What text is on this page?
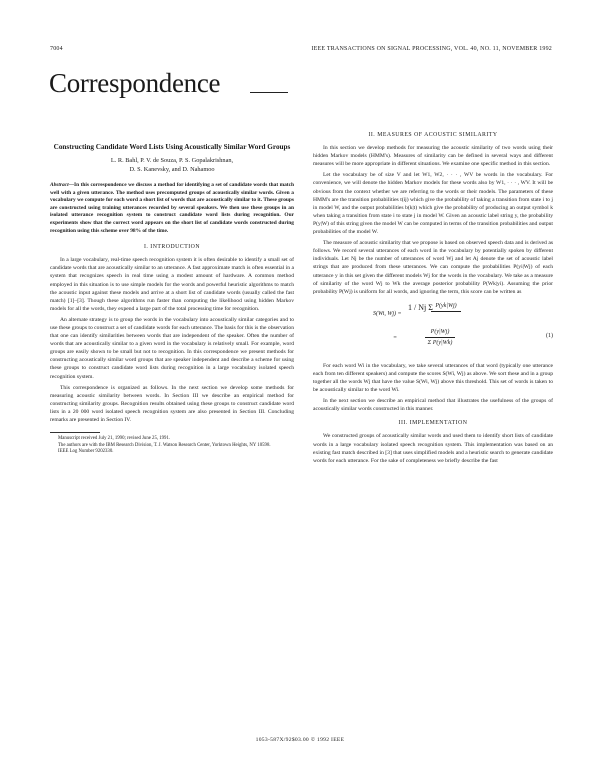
7004	IEEE TRANSACTIONS ON SIGNAL PROCESSING, VOL. 40, NO. 11, NOVEMBER 1992
Correspondence
Constructing Candidate Word Lists Using Acoustically Similar Word Groups
L. R. Bahl, P. V. de Souza, P. S. Gopalakrishnan,
D. S. Kanevsky, and D. Nahamoo
Abstract—In this correspondence we discuss a method for identifying a set of candidate words that match well with a given utterance. The method uses precomputed groups of acoustically similar words. Given a vocabulary we compute for each word a short list of words that are acoustically similar to it. These groups are constructed using training utterances recorded by several speakers. We then use these groups in an isolated utterance recognition system to construct candidate word lists during recognition. Our experiments show that the correct word appears on the short list of candidate words constructed during recognition using this scheme over 98% of the time.
I. INTRODUCTION

In a large vocabulary, real-time speech recognition system it is often desirable to identify a small set of candidate words that are acoustically similar to an utterance. A fast approximate match is often essential in a system that recognizes speech in real time using a modest amount of hardware. A common method employed in this situation is to use simple models for the words and powerful heuristic algorithms to match the acoustic input against these models and arrive at a short list of candidate words (usually called the fast match) [1]–[3]. Though these algorithms run faster than computing the likelihood using hidden Markov models for all the words, they expend a large part of the total processing time for recognition.

An alternate strategy is to group the words in the vocabulary into acoustically similar categories and to use these groups to construct a set of candidate words for each utterance. The basis for this is the observation that one can identify similarities between words that are independent of the speaker. Often the number of words that are acoustically similar to a given word in the vocabulary is relatively small. For example, word groups are easily shown to be small but not to recognition. In this correspondence we present methods for constructing acoustically similar word groups that are speaker independent and describe a scheme for using these groups to construct candidate word lists during recognition in a large vocabulary isolated speech recognition system.

This correspondence is organized as follows. In the next section we develop some methods for measuring acoustic similarity between words. In Section III we describe an empirical method for constructing similarity groups. Recognition results obtained using these groups to construct candidate word lists in a 20 000 word isolated speech recognition system are also presented in Section III. Concluding remarks are presented in Section IV.

Manuscript received July 21, 1990; revised June 25, 1991.

The authors are with the IBM Research Division, T. J. Watson Research Center, Yorktown Heights, NY 10598.

IEEE Log Number 9202330.

II. MEASURES OF ACOUSTIC SIMILARITY

In this section we develop methods for measuring the acoustic similarity of two words using their hidden Markov models (HMM's). Measures of similarity can be defined in several ways and different measures will be more appropriate in different situations. We examine one specific method in this section.

Let the vocabulary be of size V and let W1, W2, · · · , WV be words in the vocabulary. For convenience, we will denote the hidden Markov models for these words also by W1, · · · , WV. It will be obvious from the context whether we are referring to the words or their models. The parameters of these HMM's are the transition probabilities t(ij) which give the probability of taking a transition from state i to j in model W, and the output probabilities b(k|t) which give the probability of producing an output symbol k when taking a transition from state i to state j in model W. Given an acoustic label string y, the probability P(y|W) of this string given the model W can be computed in terms of the transition probabilities and output probabilities of the model W.

The measure of acoustic similarity that we propose is based on observed speech data and is derived as follows. We record several utterances of each word in the vocabulary by potentially spoken by different individuals. Let Nj be the number of utterances of word Wj and let Aj denote the set of acoustic label strings that are produced from these utterances. We can compute the probabilities P(yi|Wj) of each utterance y in this set given the different models Wj for the words in the vocabulary. We take as a measure of similarity of the word Wj to Wk the average posterior probability P(Wk|yi). Assuming the prior probability P(Wj) is uniform for all words, and ignoring the term, this score can be written as

S(Wi, Wj) =
1 / Nj Σ P(yk|Wj)
=
P(y|Wj)
Σ P(y|Wk)
(1)

For each word Wi in the vocabulary, we take several utterances of that word (typically one utterance each from ten different speakers) and compute the scores S(Wi, Wj) as above. We sort these and in a group together all the words Wj that have the value S(Wi, Wj) above this threshold. This set of words is taken to be acoustically similar to the word Wi.

In the next section we describe an empirical method that illustrates the usefulness of the groups of acoustically similar words constructed in this manner.

III. IMPLEMENTATION

We constructed groups of acoustically similar words and used them to identify short lists of candidate words in a large vocabulary isolated speech recognition system. This implementation was based on an existing fast match described in [3] that uses simplified models and a heuristic search to generate candidate words for each utterance. For the sake of completeness we briefly describe the fast

1053-587X/92$03.00 © 1992 IEEE
